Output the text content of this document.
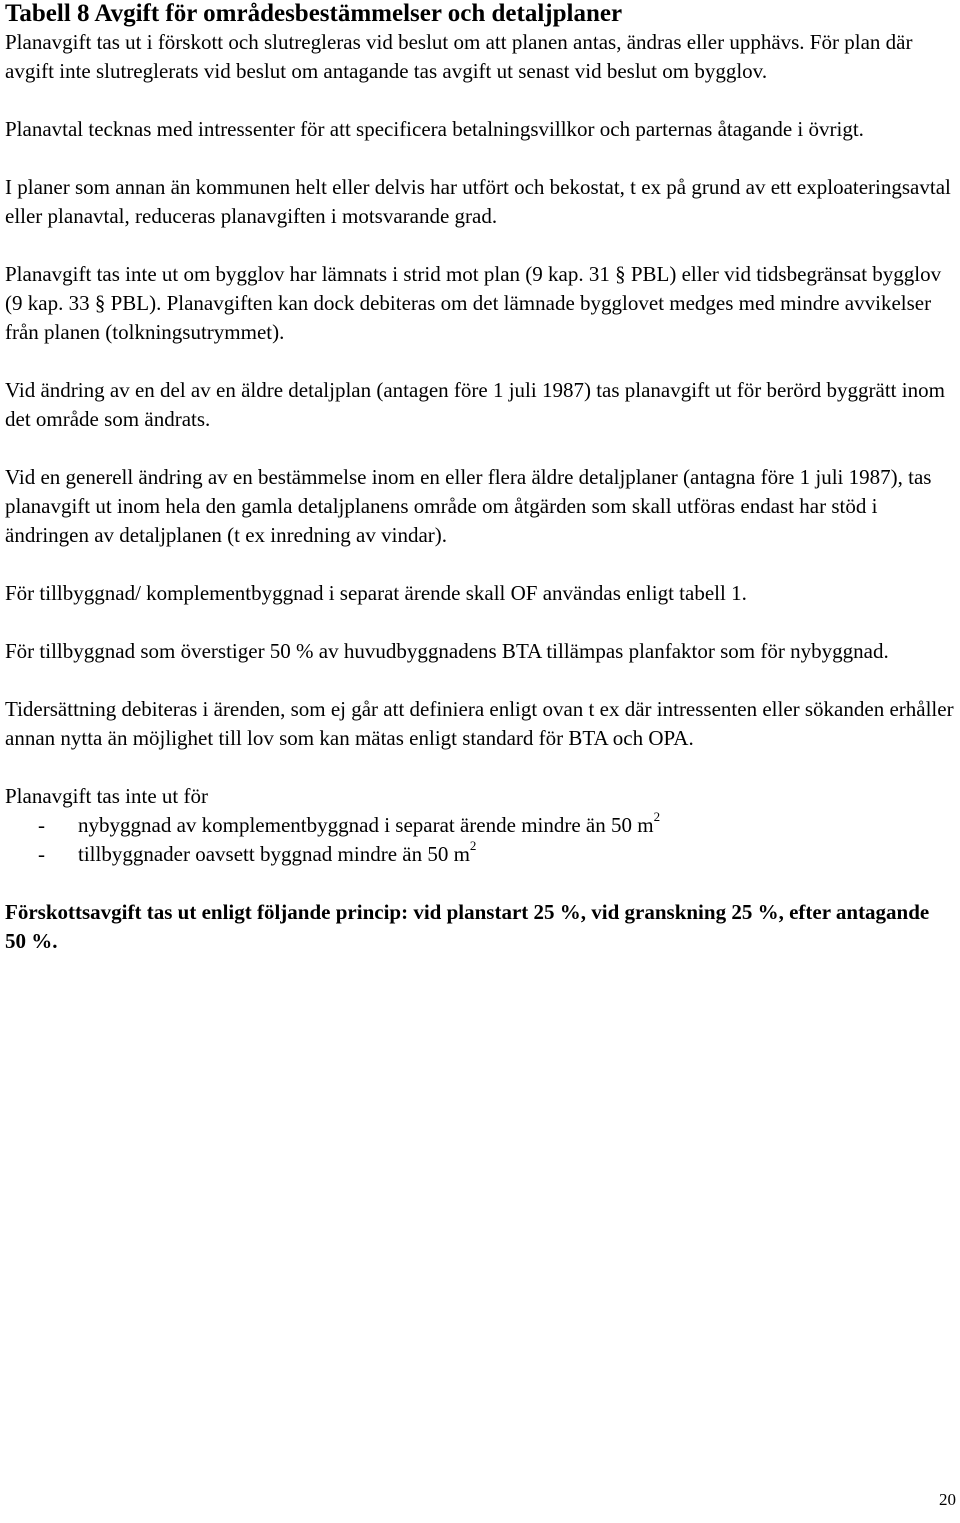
Tabell 8 Avgift för områdesbestämmelser och detaljplaner

Planavgift tas ut i förskott och slutregleras vid beslut om att planen antas, ändras eller upphävs. För plan där avgift inte slutreglerats vid beslut om antagande tas avgift ut senast vid beslut om bygglov.

Planavtal tecknas med intressenter för att specificera betalningsvillkor och parternas åtagande i övrigt.

I planer som annan än kommunen helt eller delvis har utfört och bekostat, t ex på grund av ett exploateringsavtal eller planavtal, reduceras planavgiften i motsvarande grad.

Planavgift tas inte ut om bygglov har lämnats i strid mot plan (9 kap. 31 § PBL) eller vid tidsbegränsat bygglov (9 kap. 33 § PBL). Planavgiften kan dock debiteras om det lämnade bygglovet medges med mindre avvikelser från planen (tolkningsutrymmet).

Vid ändring av en del av en äldre detaljplan (antagen före 1 juli 1987) tas planavgift ut för berörd byggrätt inom det område som ändrats.

Vid en generell ändring av en bestämmelse inom en eller flera äldre detaljplaner (antagna före 1 juli 1987), tas planavgift ut inom hela den gamla detaljplanens område om åtgärden som skall utföras endast har stöd i ändringen av detaljplanen (t ex inredning av vindar).

För tillbyggnad/ komplementbyggnad i separat ärende skall OF användas enligt tabell 1.

För tillbyggnad som överstiger 50 % av huvudbyggnadens BTA tillämpas planfaktor som för nybyggnad.

Tidersättning debiteras i ärenden, som ej går att definiera enligt ovan t ex där intressenten eller sökanden erhåller annan nytta än möjlighet till lov som kan mätas enligt standard för BTA och OPA.

Planavgift tas inte ut för

-	nybyggnad av komplementbyggnad i separat ärende mindre än 50 $m^2$
-	tillbyggnader oavsett byggnad mindre än 50 $m^2$

Förskottsavgift tas ut enligt följande princip: vid planstart 25 %, vid granskning 25 %, efter antagande 50 %.

20
